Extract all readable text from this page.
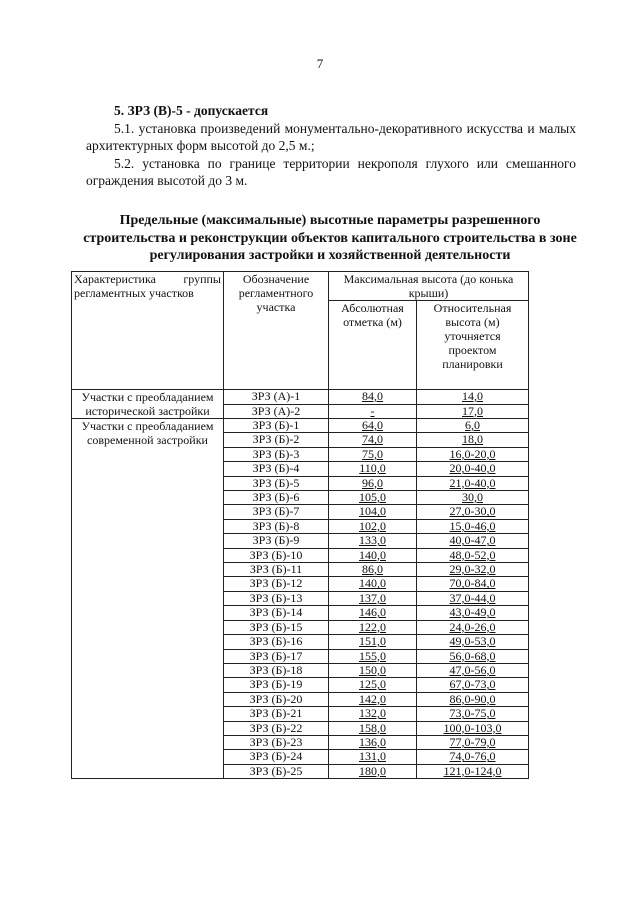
7
5. ЗРЗ (В)-5 - допускается
5.1. установка произведений монументально-декоративного искусства и малых архитектурных форм высотой до 2,5 м.;
5.2. установка по границе территории некрополя глухого или смешанного ограждения высотой до 3 м.
Предельные (максимальные) высотные параметры разрешенного строительства и реконструкции объектов капитального строительства в зоне регулирования застройки и хозяйственной деятельности
Характеристика группы
регламентных участков	Обозначение регламентного участка	Максимальная высота (до конька крыши)	
		Абсолютная отметка (м)	Относительная высота (м) уточняется проектом планировки
Участки с преобладанием исторической застройки	ЗРЗ (А)-1	84,0	14,0
	ЗРЗ (А)-2	-	17,0
Участки с преобладанием современной застройки	ЗРЗ (Б)-1	64,0	6,0
	ЗРЗ (Б)-2	74,0	18,0
	ЗРЗ (Б)-3	75,0	16,0-20,0
	ЗРЗ (Б)-4	110,0	20,0-40,0
	ЗРЗ (Б)-5	96,0	21,0-40,0
	ЗРЗ (Б)-6	105,0	30,0
	ЗРЗ (Б)-7	104,0	27,0-30,0
	ЗРЗ (Б)-8	102,0	15,0-46,0
	ЗРЗ (Б)-9	133,0	40,0-47,0
	ЗРЗ (Б)-10	140,0	48,0-52,0
	ЗРЗ (Б)-11	86,0	29,0-32,0
	ЗРЗ (Б)-12	140,0	70,0-84,0
	ЗРЗ (Б)-13	137,0	37,0-44,0
	ЗРЗ (Б)-14	146,0	43,0-49,0
	ЗРЗ (Б)-15	122,0	24,0-26,0
	ЗРЗ (Б)-16	151,0	49,0-53,0
	ЗРЗ (Б)-17	155,0	56,0-68,0
	ЗРЗ (Б)-18	150,0	47,0-56,0
	ЗРЗ (Б)-19	125,0	67,0-73,0
	ЗРЗ (Б)-20	142,0	86,0-90,0
	ЗРЗ (Б)-21	132,0	73,0-75,0
	ЗРЗ (Б)-22	158,0	100,0-103,0
	ЗРЗ (Б)-23	136,0	77,0-79,0
	ЗРЗ (Б)-24	131,0	74,0-76,0
	ЗРЗ (Б)-25	180,0	121,0-124,0
